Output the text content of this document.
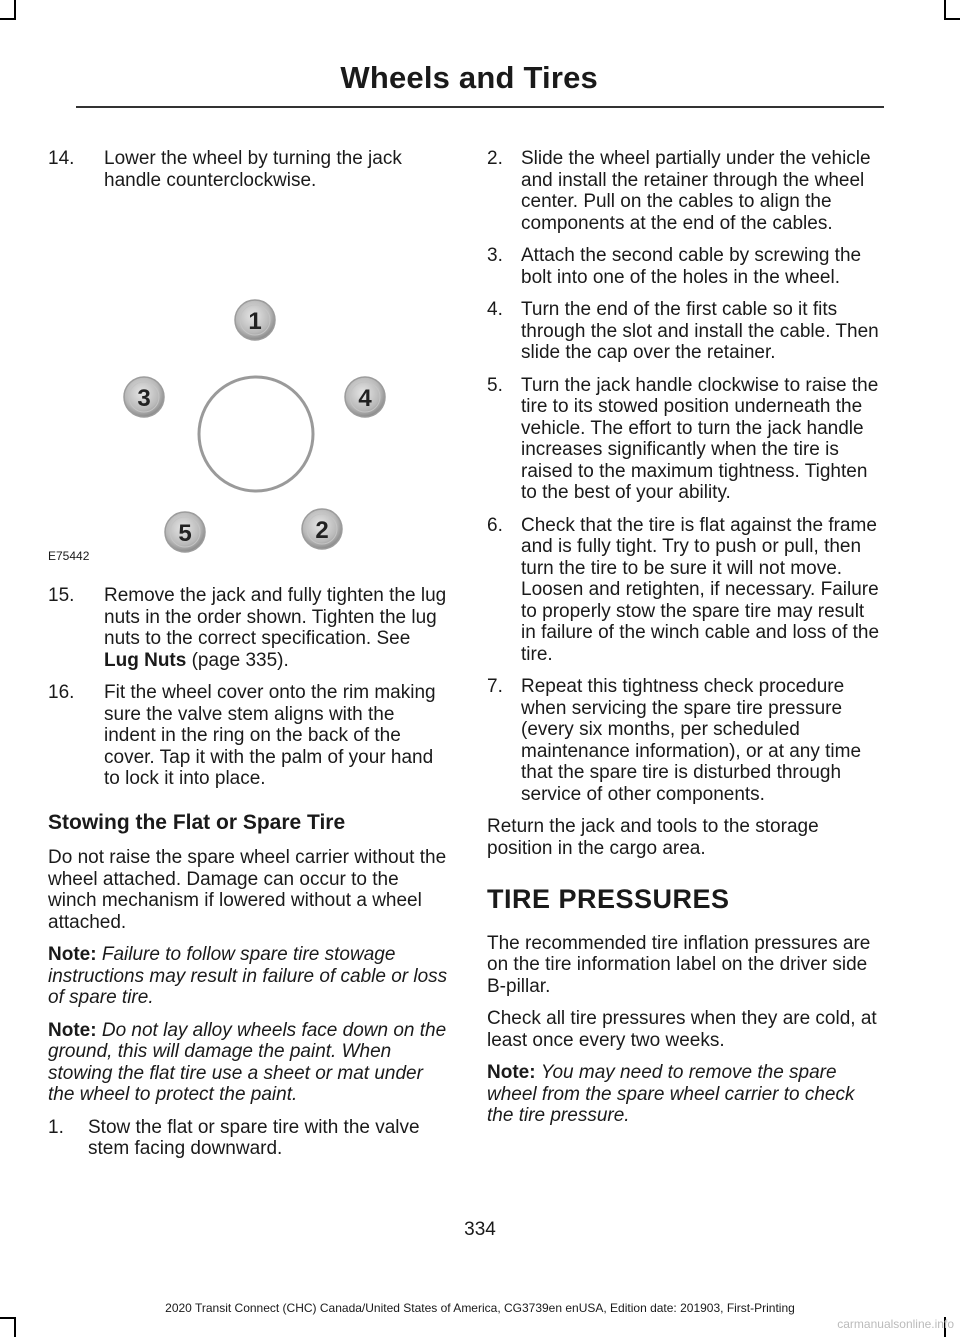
Wheels and Tires
14. Lower the wheel by turning the jack handle counterclockwise.
1
2
3	4
5
E75442
15. Remove the jack and fully tighten the lug nuts in the order shown. Tighten the lug nuts to the correct specification. See Lug Nuts (page 335).
16. Fit the wheel cover onto the rim making sure the valve stem aligns with the indent in the ring on the back of the cover. Tap it with the palm of your hand to lock it into place.
Stowing the Flat or Spare Tire

Do not raise the spare wheel carrier without the wheel attached. Damage can occur to the winch mechanism if lowered without a wheel attached.

Note: Failure to follow spare tire stowage instructions may result in failure of cable or loss of spare tire.

Note: Do not lay alloy wheels face down on the ground, this will damage the paint. When stowing the flat tire use a sheet or mat under the wheel to protect the paint.

1. Stow the flat or spare tire with the valve stem facing downward.
2. Slide the wheel partially under the vehicle and install the retainer through the wheel center. Pull on the cables to align the components at the end of the cables.
3. Attach the second cable by screwing the bolt into one of the holes in the wheel.
4. Turn the end of the first cable so it fits through the slot and install the cable. Then slide the cap over the retainer.
5. Turn the jack handle clockwise to raise the tire to its stowed position underneath the vehicle. The effort to turn the jack handle increases significantly when the tire is raised to the maximum tightness. Tighten to the best of your ability.
6. Check that the tire is flat against the frame and is fully tight. Try to push or pull, then turn the tire to be sure it will not move. Loosen and retighten, if necessary. Failure to properly stow the spare tire may result in failure of the winch cable and loss of the tire.
7. Repeat this tightness check procedure when servicing the spare tire pressure (every six months, per scheduled maintenance information), or at any time that the spare tire is disturbed through service of other components.

Return the jack and tools to the storage position in the cargo area.

TIRE PRESSURES

The recommended tire inflation pressures are on the tire information label on the driver side B-pillar.

Check all tire pressures when they are cold, at least once every two weeks.

Note: You may need to remove the spare wheel from the spare wheel carrier to check the tire pressure.

334
2020 Transit Connect (CHC) Canada/United States of America, CG3739en enUSA, Edition date: 201903, First-Printing
carmanualsonline.info
